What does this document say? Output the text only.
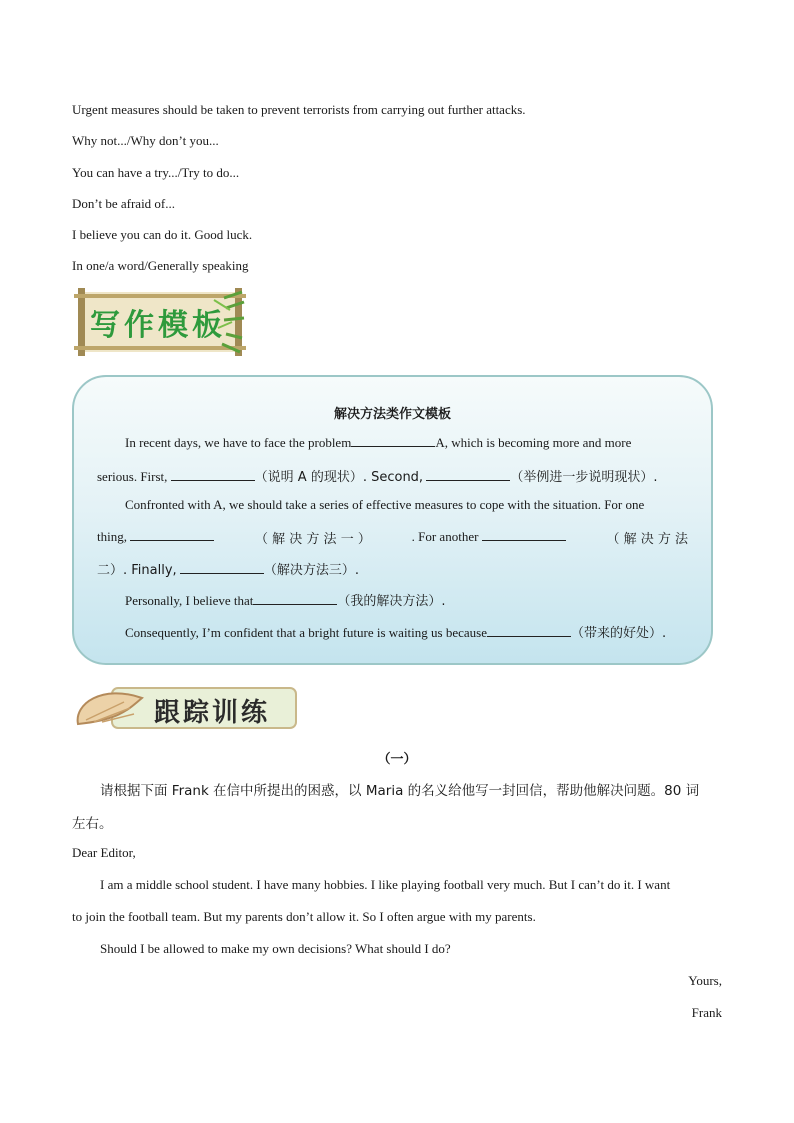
Urgent measures should be taken to prevent terrorists from carrying out further attacks.
Why not.../Why don’t you...
You can have a try.../Try to do...
Don’t be afraid of...
I believe you can do it. Good luck.
In one/a word/Generally speaking
写作模板
解决方法类作文模板
In recent days, we have to face the problem	A, which is becoming more and more
serious. First,	（说明 A 的现状）. Second,	（举例进一步说明现状）.
Confronted with A, we should take a series of effective measures to cope with the situation. For one
thing,	（ 解 决 方 法 一 ）	. For another	（ 解 决 方 法
二）. Finally,	（解决方法三）.
Personally, I believe that	（我的解决方法）.
Consequently, I’m confident that a bright future is waiting us because	（带来的好处）.
跟踪训练
（一）
请根据下面 Frank 在信中所提出的困惑，以 Maria 的名义给他写一封回信，帮助他解决问题。80 词
左右。
Dear Editor,
I am a middle school student. I have many hobbies. I like playing football very much. But I can’t do it. I want
to join the football team. But my parents don’t allow it. So I often argue with my parents.
Should I be allowed to make my own decisions? What should I do?
Yours,
Frank
